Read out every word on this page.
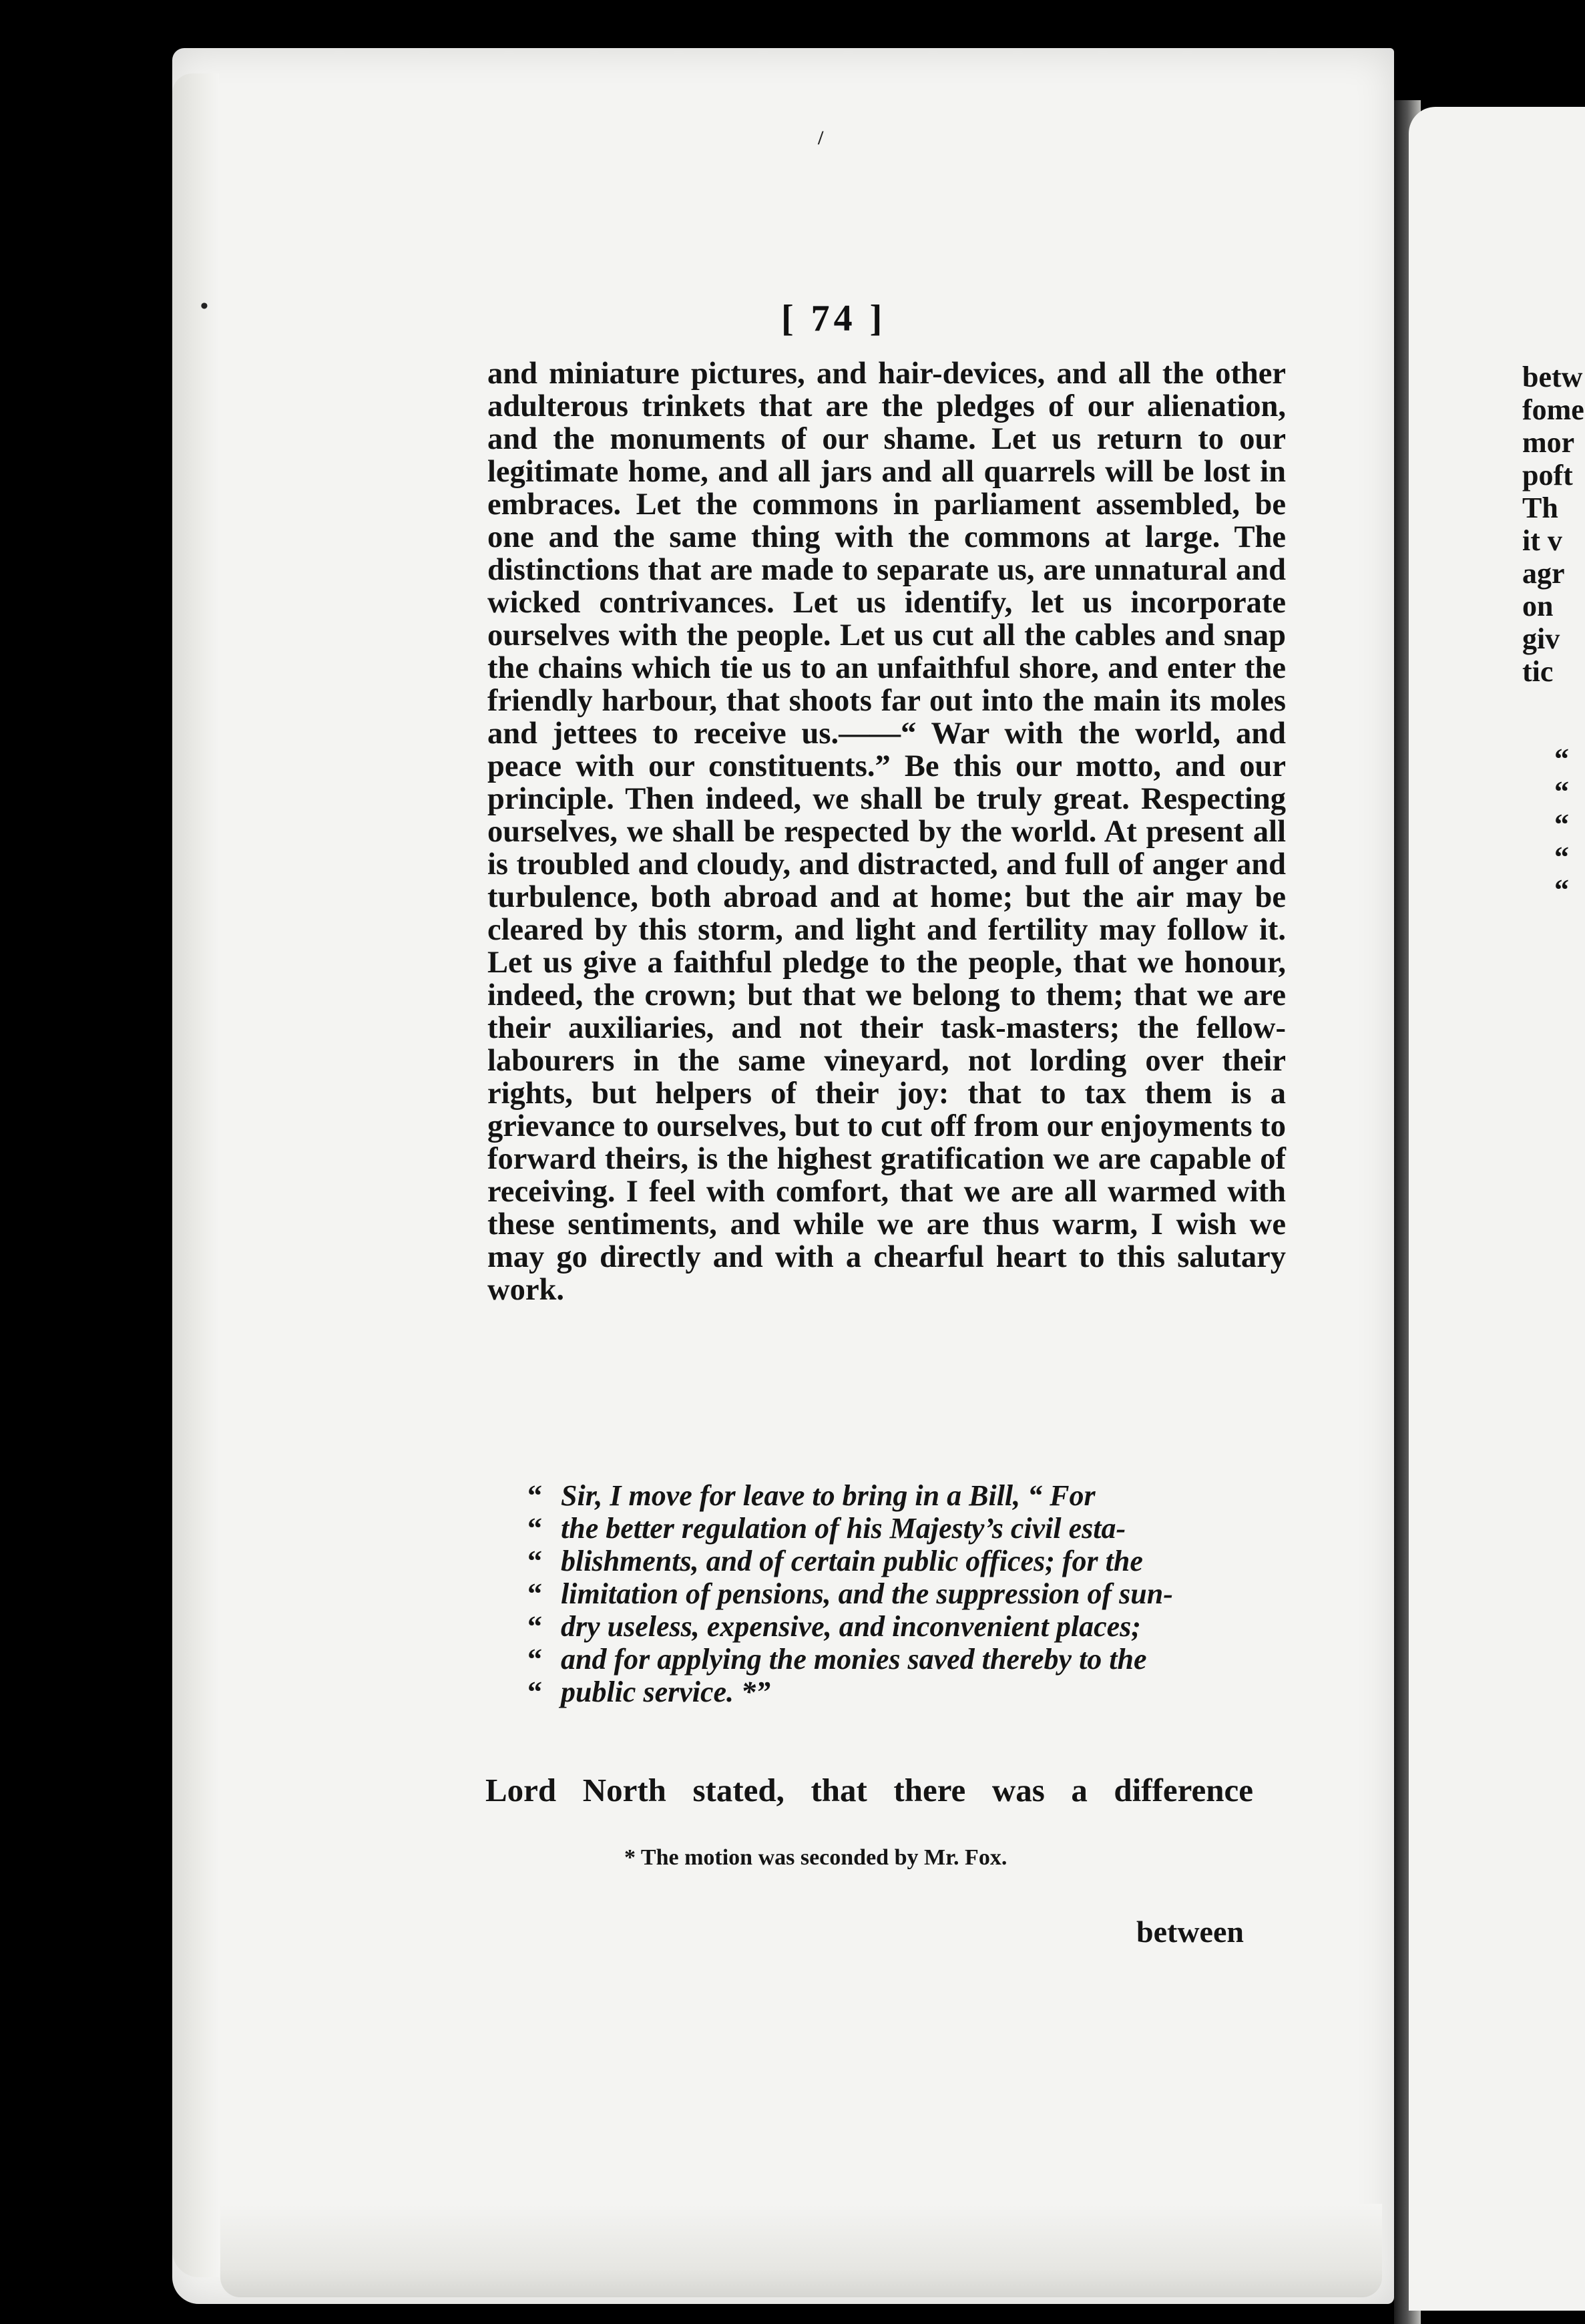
/
•	[ 74 ]

and miniature pictures, and hair-devices, and all the other adulterous trinkets that are the pledges of our alienation, and the monuments of our shame. Let us return to our legitimate home, and all jars and all quarrels will be lost in embraces. Let the commons in parliament assembled, be one and the same thing with the commons at large. The distinctions that are made to separate us, are unnatural and wicked contrivances. Let us identify, let us incorporate ourselves with the people. Let us cut all the cables and snap the chains which tie us to an unfaithful shore, and enter the friendly harbour, that shoots far out into the main its moles and jettees to receive us.——“ War with the world, and peace with our constituents.” Be this our motto, and our principle. Then indeed, we shall be truly great. Respecting ourselves, we shall be respected by the world. At present all is troubled and cloudy, and distracted, and full of anger and turbulence, both abroad and at home; but the air may be cleared by this storm, and light and fertility may follow it. Let us give a faithful pledge to the people, that we honour, indeed, the crown; but that we belong to them; that we are their auxiliaries, and not their task-masters; the fellow-labourers in the same vineyard, not lording over their rights, but helpers of their joy: that to tax them is a grievance to ourselves, but to cut off from our enjoyments to forward theirs, is the highest gratification we are capable of receiving. I feel with comfort, that we are all warmed with these sentiments, and while we are thus warm, I wish we may go directly and with a chearful heart to this salutary work.

“ Sir, I move for leave to bring in a Bill, “ For
“ the better regulation of his Majesty’s civil esta-
“ blishments, and of certain public offices; for the
“ limitation of pensions, and the suppression of sun-
“ dry useless, expensive, and inconvenient places;
“ and for applying the monies saved thereby to the
“ public service. *”
Lord North stated, that there was a difference
* The motion was seconded by Mr. Fox.
between
betw
fome
mor
poft
Th
it v
agr
on
giv
tic
“
“
“
“
“
